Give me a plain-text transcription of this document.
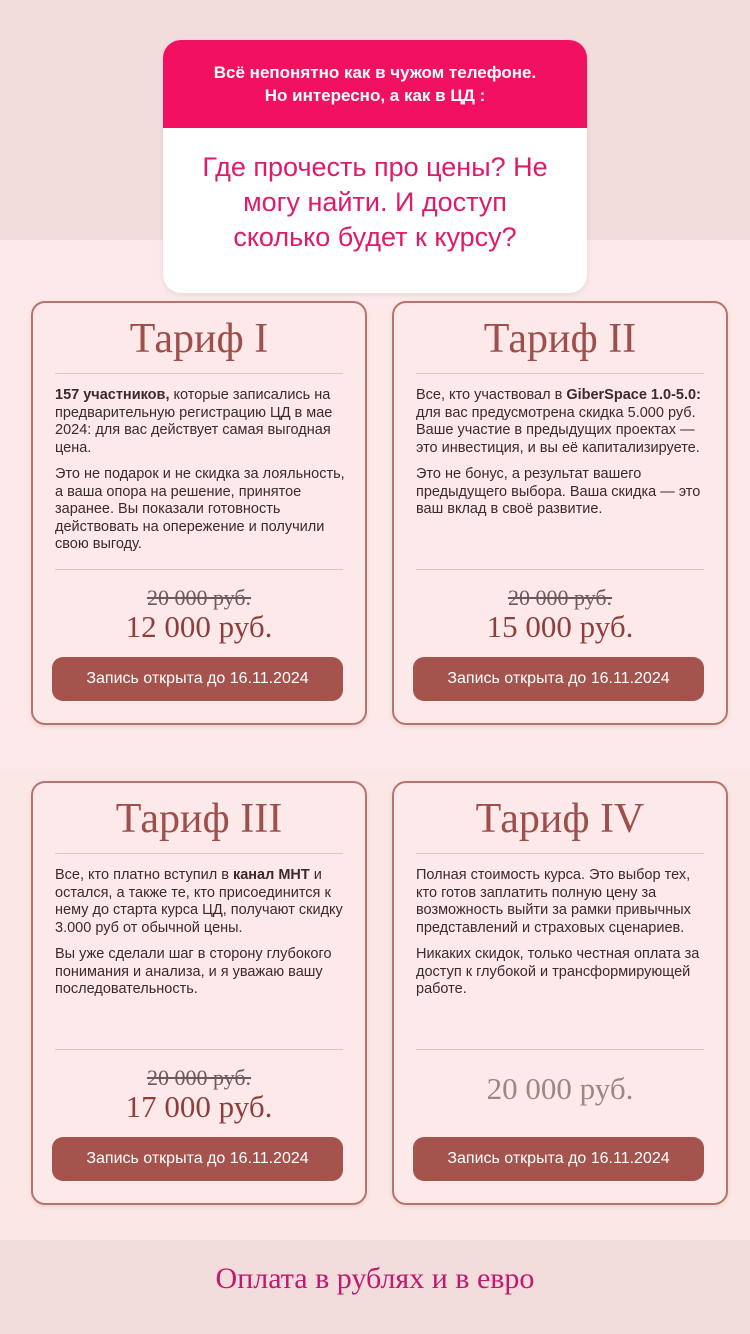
Всё непонятно как в чужом телефоне.
Но интересно, а как в ЦД :
Где прочесть про цены? Не
могу найти. И доступ
сколько будет к курсу?
Тариф I

157 участников, которые записались на предварительную регистрацию ЦД в мае 2024: для вас действует самая выгодная цена.

Это не подарок и не скидка за лояльность, а ваша опора на решение, принятое заранее. Вы показали готовность действовать на опережение и получили свою выгоду.

20 000 руб.
12 000 руб.
Запись открыта до 16.11.2024
Тариф II

Все, кто участвовал в GiberSpace 1.0-5.0: для вас предусмотрена скидка 5.000 руб. Ваше участие в предыдущих проектах — это инвестиция, и вы её капитализируете.

Это не бонус, а результат вашего предыдущего выбора. Ваша скидка — это ваш вклад в своё развитие.

20 000 руб.
15 000 руб.
Запись открыта до 16.11.2024
Тариф III

Все, кто платно вступил в канал МНТ и остался, а также те, кто присоединится к нему до старта курса ЦД, получают скидку 3.000 руб от обычной цены.

Вы уже сделали шаг в сторону глубокого понимания и анализа, и я уважаю вашу последовательность.

20 000 руб.
17 000 руб.
Запись открыта до 16.11.2024
Тариф IV

Полная стоимость курса. Это выбор тех, кто готов заплатить полную цену за возможность выйти за рамки привычных представлений и страховых сценариев.

Никаких скидок, только честная оплата за доступ к глубокой и трансформирующей работе.

20 000 руб.
Запись открыта до 16.11.2024
Оплата в рублях и в евро
